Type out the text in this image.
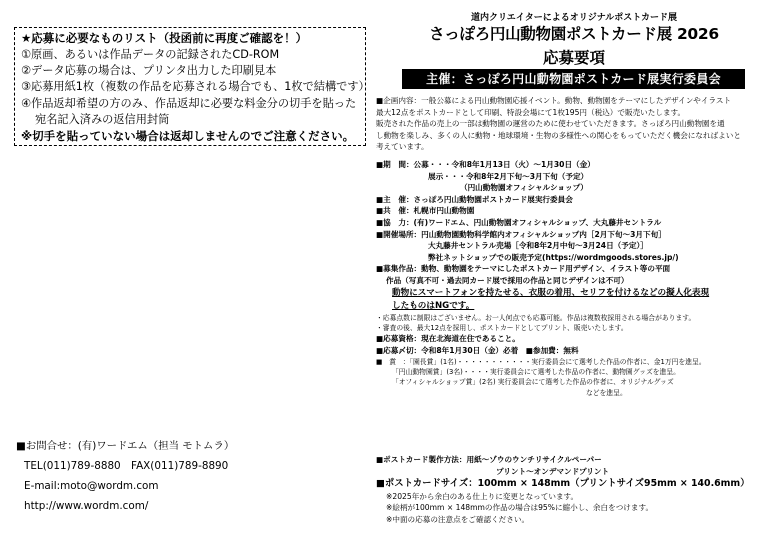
★応募に必要なものリスト（投函前に再度ご確認を！）
①原画、あるいは作品データの記録されたCD-ROM
②データ応募の場合は、プリンタ出力した印刷見本
③応募用紙1枚（複数の作品を応募される場合でも、1枚で結構です）
④作品返却希望の方のみ、作品返却に必要な料金分の切手を貼った
宛名記入済みの返信用封筒
※切手を貼っていない場合は返却しませんのでご注意ください。
■お問合せ：(有)ワードエム（担当 モトムラ）
TEL(011)789-8880　FAX(011)789-8890
E-mail:moto@wordm.com
http://www.wordm.com/
道内クリエイターによるオリジナルポストカード展
さっぽろ円山動物園ポストカード展 2026
応募要項
主催：さっぽろ円山動物園ポストカード展実行委員会
■企画内容：一般公募による円山動物園応援イベント。動物、動物園をテーマにしたデザインやイラスト
最大12点をポストカードとして印刷、特設会場にて1枚195円（税込）で販売いたします。
販売された作品の売上の一部は動物園の運営のために使わせていただきます。さっぽろ円山動物園を通
し動物を楽しみ、多くの人に動物・地球環境・生物の多様性への関心をもっていただく機会になればよいと
考えています。
■期　間：公募・・・令和8年1月13日（火）～1月30日（金）
展示・・・令和8年2月下旬～3月下旬（予定）
（円山動物園オフィシャルショップ）
■主　催：さっぽろ円山動物園ポストカード展実行委員会
■共　催：札幌市円山動物園
■協　力：(有)ワードエム、円山動物園オフィシャルショップ、大丸藤井セントラル
■開催場所：円山動物園動物科学館内オフィシャルショップ内［2月下旬～3月下旬］
大丸藤井セントラル売場［令和8年2月中旬～3月24日（予定）］
弊社ネットショップでの販売予定(https://wordmgoods.stores.jp/)
■募集作品：動物、動物園をテーマにしたポストカード用デザイン、イラスト等の平面
作品（写真不可・過去同カード展で採用の作品と同じデザインは不可）
動物にスマートフォンを持たせる、衣服の着用、セリフを付けるなどの擬人化表現
したものはNGです。
・応募点数に制限はございません。お一人何点でも応募可能。作品は複数枚採用される場合があります。
・審査の後、最大12点を採用し、ポストカードとしてプリント、販売いたします。
■応募資格：現在北海道在住であること。
■応募〆切：令和8年1月30日（金）必着　■参加費：無料
■　賞　：「園長賞」(1名)・・・・・・・・・・・実行委員会にて選考した作品の作者に、金1万円を進呈。
「円山動物園賞」(3名)・・・・実行委員会にて選考した作品の作者に、動物園グッズを進呈。
「オフィシャルショップ賞」(2名) 実行委員会にて選考した作品の作者に、オリジナルグッズ
などを進呈。
■ポストカード製作方法：用紙～ゾウのウンチリサイクルペーパー
プリント～オンデマンドプリント
■ポストカードサイズ：100mm × 148mm（プリントサイズ95mm × 140.6mm）
※2025年から余白のある仕上りに変更となっています。
※絵柄が100mm × 148mmの作品の場合は95%に縮小し、余白をつけます。
※中面の応募の注意点をご確認ください。
